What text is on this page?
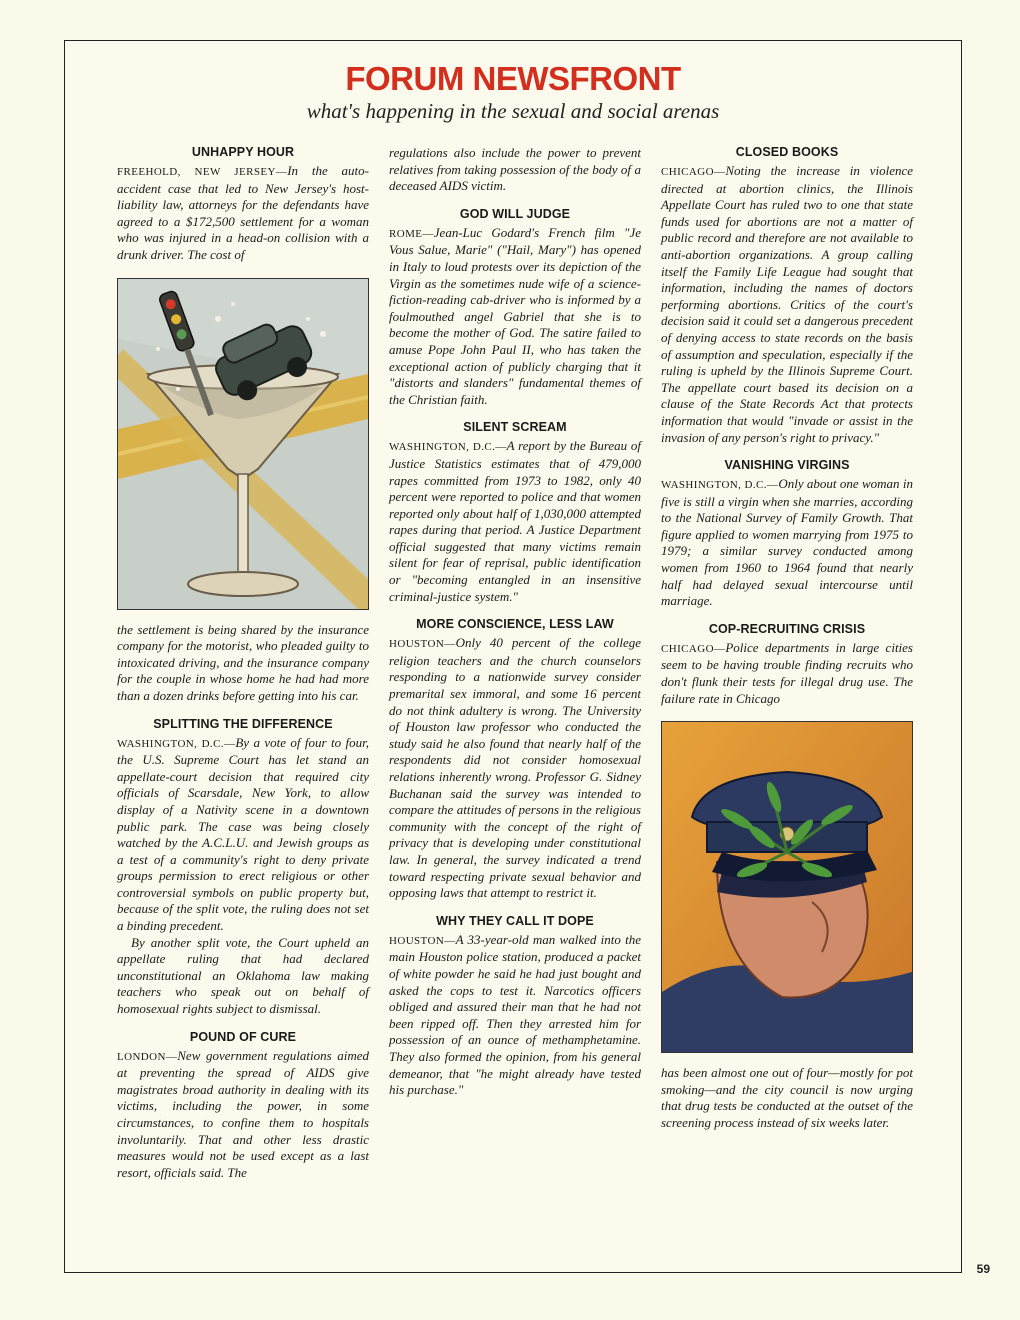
FORUM NEWSFRONT
what's happening in the sexual and social arenas
UNHAPPY HOUR

FREEHOLD, NEW JERSEY—In the auto-accident case that led to New Jersey's host-liability law, attorneys for the defendants have agreed to a $172,500 settlement for a woman who was injured in a head-on collision with a drunk driver. The cost of

the settlement is being shared by the insurance company for the motorist, who pleaded guilty to intoxicated driving, and the insurance company for the couple in whose home he had had more than a dozen drinks before getting into his car.

SPLITTING THE DIFFERENCE

WASHINGTON, D.C.—By a vote of four to four, the U.S. Supreme Court has let stand an appellate-court decision that required city officials of Scarsdale, New York, to allow display of a Nativity scene in a downtown public park. The case was being closely watched by the A.C.L.U. and Jewish groups as a test of a community's right to deny private groups permission to erect religious or other controversial symbols on public property but, because of the split vote, the ruling does not set a binding precedent.

By another split vote, the Court upheld an appellate ruling that had declared unconstitutional an Oklahoma law making teachers who speak out on behalf of homosexual rights subject to dismissal.

POUND OF CURE

LONDON—New government regulations aimed at preventing the spread of AIDS give magistrates broad authority in dealing with its victims, including the power, in some circumstances, to confine them to hospitals involuntarily. That and other less drastic measures would not be used except as a last resort, officials said. The

regulations also include the power to prevent relatives from taking possession of the body of a deceased AIDS victim.

GOD WILL JUDGE

ROME—Jean-Luc Godard's French film "Je Vous Salue, Marie" ("Hail, Mary") has opened in Italy to loud protests over its depiction of the Virgin as the sometimes nude wife of a science-fiction-reading cab-driver who is informed by a foulmouthed angel Gabriel that she is to become the mother of God. The satire failed to amuse Pope John Paul II, who has taken the exceptional action of publicly charging that it "distorts and slanders" fundamental themes of the Christian faith.

SILENT SCREAM

WASHINGTON, D.C.—A report by the Bureau of Justice Statistics estimates that of 479,000 rapes committed from 1973 to 1982, only 40 percent were reported to police and that women reported only about half of 1,030,000 attempted rapes during that period. A Justice Department official suggested that many victims remain silent for fear of reprisal, public identification or "becoming entangled in an insensitive criminal-justice system."

MORE CONSCIENCE, LESS LAW

HOUSTON—Only 40 percent of the college religion teachers and the church counselors responding to a nationwide survey consider premarital sex immoral, and some 16 percent do not think adultery is wrong. The University of Houston law professor who conducted the study said he also found that nearly half of the respondents did not consider homosexual relations inherently wrong. Professor G. Sidney Buchanan said the survey was intended to compare the attitudes of persons in the religious community with the concept of the right of privacy that is developing under constitutional law. In general, the survey indicated a trend toward respecting private sexual behavior and opposing laws that attempt to restrict it.

WHY THEY CALL IT DOPE

HOUSTON—A 33-year-old man walked into the main Houston police station, produced a packet of white powder he said he had just bought and asked the cops to test it. Narcotics officers obliged and assured their man that he had not been ripped off. Then they arrested him for possession of an ounce of methamphetamine. They also formed the opinion, from his general demeanor, that "he might already have tested his purchase."

CLOSED BOOKS

CHICAGO—Noting the increase in violence directed at abortion clinics, the Illinois Appellate Court has ruled two to one that state funds used for abortions are not a matter of public record and therefore are not available to anti-abortion organizations. A group calling itself the Family Life League had sought that information, including the names of doctors performing abortions. Critics of the court's decision said it could set a dangerous precedent of denying access to state records on the basis of assumption and speculation, especially if the ruling is upheld by the Illinois Supreme Court. The appellate court based its decision on a clause of the State Records Act that protects information that would "invade or assist in the invasion of any person's right to privacy."

VANISHING VIRGINS

WASHINGTON, D.C.—Only about one woman in five is still a virgin when she marries, according to the National Survey of Family Growth. That figure applied to women marrying from 1975 to 1979; a similar survey conducted among women from 1960 to 1964 found that nearly half had delayed sexual intercourse until marriage.

COP-RECRUITING CRISIS

CHICAGO—Police departments in large cities seem to be having trouble finding recruits who don't flunk their tests for illegal drug use. The failure rate in Chicago

has been almost one out of four—mostly for pot smoking—and the city council is now urging that drug tests be conducted at the outset of the screening process instead of six weeks later.

59
